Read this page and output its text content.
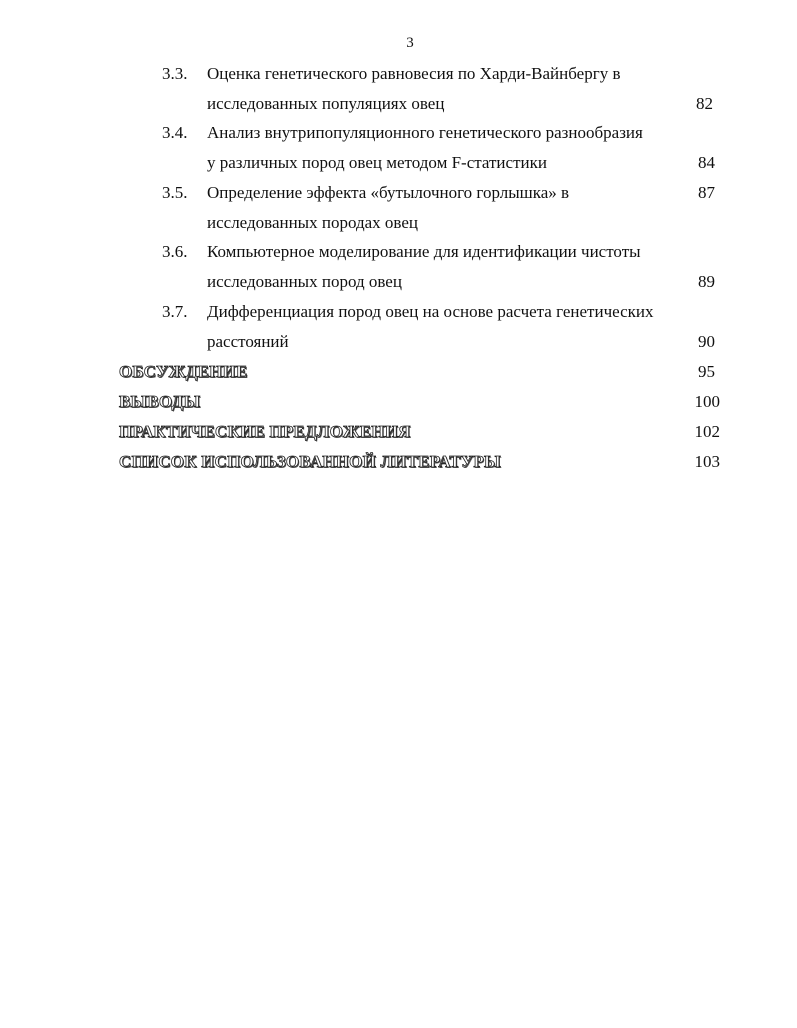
3
3.3. Оценка генетического равновесия по Харди-Вайнбергу в
исследованных популяциях овец	82
3.4. Анализ внутрипопуляционного генетического разнообразия
у различных пород овец методом F-статистики	84
3.5. Определение эффекта «бутылочного горлышка» в	87
исследованных породах овец
3.6. Компьютерное моделирование для идентификации чистоты
исследованных пород овец	89
3.7. Дифференциация пород овец на основе расчета генетических
расстояний	90
ОБСУЖДЕНИЕ	95
ВЫВОДЫ	100
ПРАКТИЧЕСКИЕ ПРЕДЛОЖЕНИЯ	102
СПИСОК ИСПОЛЬЗОВАННОЙ ЛИТЕРАТУРЫ	103
